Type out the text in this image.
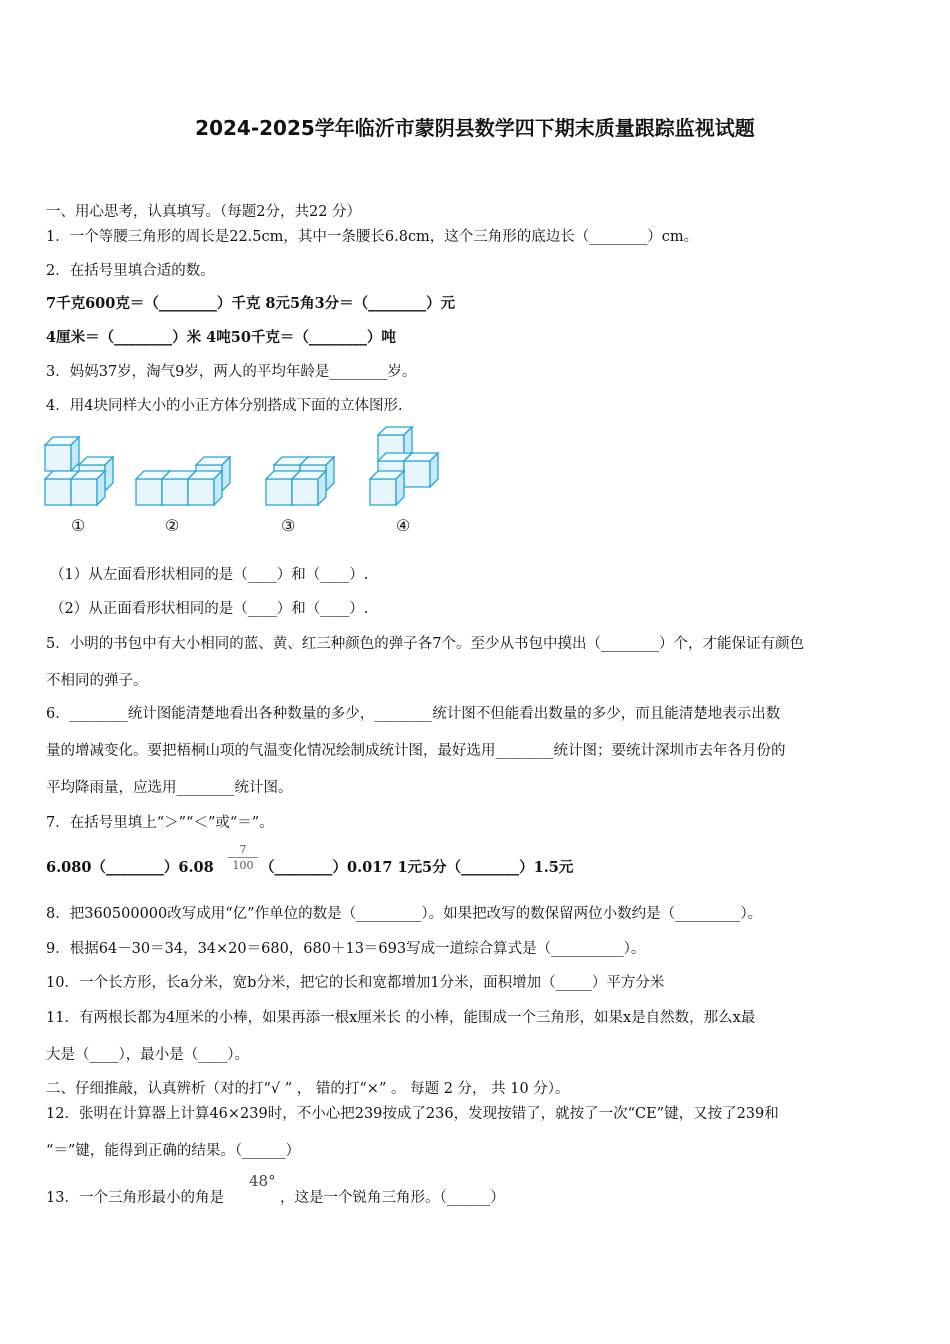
2024-2025学年临沂市蒙阴县数学四下期末质量跟踪监视试题
一、用心思考，认真填写。（每题2分，共22 分）
1．一个等腰三角形的周长是22.5cm，其中一条腰长6.8cm，这个三角形的底边长（________）cm。
2．在括号里填合适的数。
7千克600克＝（________）千克 8元5角3分＝（________）元
4厘米＝（________）米 4吨50千克＝（________）吨
3．妈妈37岁，淘气9岁，两人的平均年龄是________岁。
4．用4块同样大小的小正方体分别搭成下面的立体图形.
①	②	③	④
（1）从左面看形状相同的是（____）和（____）.
（2）从正面看形状相同的是（____）和（____）.
5．小明的书包中有大小相同的蓝、黄、红三种颜色的弹子各7个。至少从书包中摸出（________）个，才能保证有颜色
不相同的弹子。
6．________统计图能清楚地看出各种数量的多少，________统计图不但能看出数量的多少，而且能清楚地表示出数
量的增减变化。要把梧桐山项的气温变化情况绘制成统计图，最好选用________统计图；要统计深圳市去年各月份的
平均降雨量，应选用________统计图。
7．在括号里填上“＞”“＜”或“＝”。
6.080（________）6.08 $\frac{7}{100}$ （________）0.017 1元5分（________）1.5元
8．把360500000改写成用“亿”作单位的数是（_________）。如果把改写的数保留两位小数约是（_________）。
9．根据64－30＝34，34×20＝680，680＋13＝693写成一道综合算式是（__________）。
10．一个长方形，长a分米，宽b分米，把它的长和宽都增加1分米，面积增加（_____）平方分米
11．有两根长都为4厘米的小棒，如果再添一根x厘米长 的小棒，能围成一个三角形，如果x是自然数，那么x最
大是（____），最小是（____）。
二、仔细推敲，认真辨析（对的打“√ ” ， 错的打“×” 。 每题 2 分， 共 10 分）。
12．张明在计算器上计算46×239时，不小心把239按成了236，发现按错了，就按了一次“CE”键，又按了239和
“＝”键，能得到正确的结果。（______）
13．一个三角形最小的角是
48°
，这是一个锐角三角形。（______）
